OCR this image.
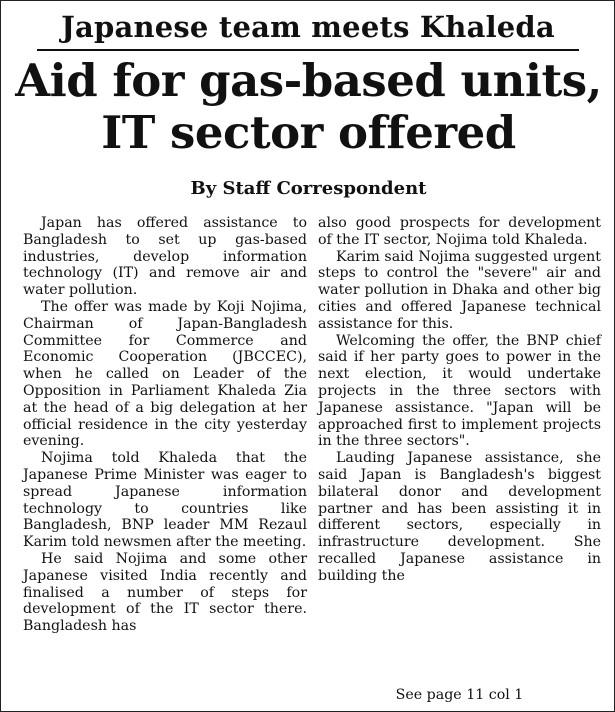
Japanese team meets Khaleda
Aid for gas-based units,
IT sector offered
By Staff Correspondent

Japan has offered assistance to Bangladesh to set up gas-based industries, develop information technology (IT) and remove air and water pollution.

The offer was made by Koji Nojima, Chairman of Japan-Bangladesh Committee for Commerce and Economic Cooperation (JBCCEC), when he called on Leader of the Opposition in Parliament Khaleda Zia at the head of a big delegation at her official residence in the city yesterday evening.

Nojima told Khaleda that the Japanese Prime Minister was eager to spread Japanese information technology to countries like Bangladesh, BNP leader MM Rezaul Karim told newsmen after the meeting.

He said Nojima and some other Japanese visited India recently and finalised a number of steps for development of the IT sector there. Bangladesh has

also good prospects for development of the IT sector, Nojima told Khaleda.

Karim said Nojima suggested urgent steps to control the "severe" air and water pollution in Dhaka and other big cities and offered Japanese technical assistance for this.

Welcoming the offer, the BNP chief said if her party goes to power in the next election, it would undertake projects in the three sectors with Japanese assistance. "Japan will be approached first to implement projects in the three sectors".

Lauding Japanese assistance, she said Japan is Bangladesh's biggest bilateral donor and development partner and has been assisting it in different sectors, especially in infrastructure development. She recalled Japanese assistance in building the

See page 11 col 1
